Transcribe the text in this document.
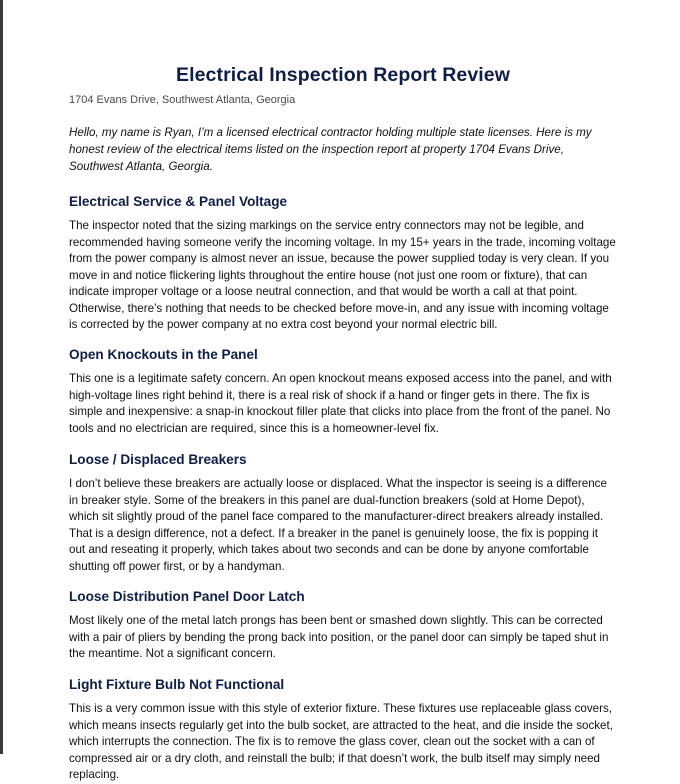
Electrical Inspection Report Review

1704 Evans Drive, Southwest Atlanta, Georgia

Hello, my name is Ryan, I’m a licensed electrical contractor holding multiple state licenses. Here is my honest review of the electrical items listed on the inspection report at property 1704 Evans Drive, Southwest Atlanta, Georgia.

Electrical Service & Panel Voltage

The inspector noted that the sizing markings on the service entry connectors may not be legible, and recommended having someone verify the incoming voltage. In my 15+ years in the trade, incoming voltage from the power company is almost never an issue, because the power supplied today is very clean. If you move in and notice flickering lights throughout the entire house (not just one room or fixture), that can indicate improper voltage or a loose neutral connection, and that would be worth a call at that point. Otherwise, there’s nothing that needs to be checked before move-in, and any issue with incoming voltage is corrected by the power company at no extra cost beyond your normal electric bill.

Open Knockouts in the Panel

This one is a legitimate safety concern. An open knockout means exposed access into the panel, and with high-voltage lines right behind it, there is a real risk of shock if a hand or finger gets in there. The fix is simple and inexpensive: a snap-in knockout filler plate that clicks into place from the front of the panel. No tools and no electrician are required, since this is a homeowner-level fix.

Loose / Displaced Breakers

I don’t believe these breakers are actually loose or displaced. What the inspector is seeing is a difference in breaker style. Some of the breakers in this panel are dual-function breakers (sold at Home Depot), which sit slightly proud of the panel face compared to the manufacturer-direct breakers already installed. That is a design difference, not a defect. If a breaker in the panel is genuinely loose, the fix is popping it out and reseating it properly, which takes about two seconds and can be done by anyone comfortable shutting off power first, or by a handyman.

Loose Distribution Panel Door Latch

Most likely one of the metal latch prongs has been bent or smashed down slightly. This can be corrected with a pair of pliers by bending the prong back into position, or the panel door can simply be taped shut in the meantime. Not a significant concern.

Light Fixture Bulb Not Functional

This is a very common issue with this style of exterior fixture. These fixtures use replaceable glass covers, which means insects regularly get into the bulb socket, are attracted to the heat, and die inside the socket, which interrupts the connection. The fix is to remove the glass cover, clean out the socket with a can of compressed air or a dry cloth, and reinstall the bulb; if that doesn’t work, the bulb itself may simply need replacing.
